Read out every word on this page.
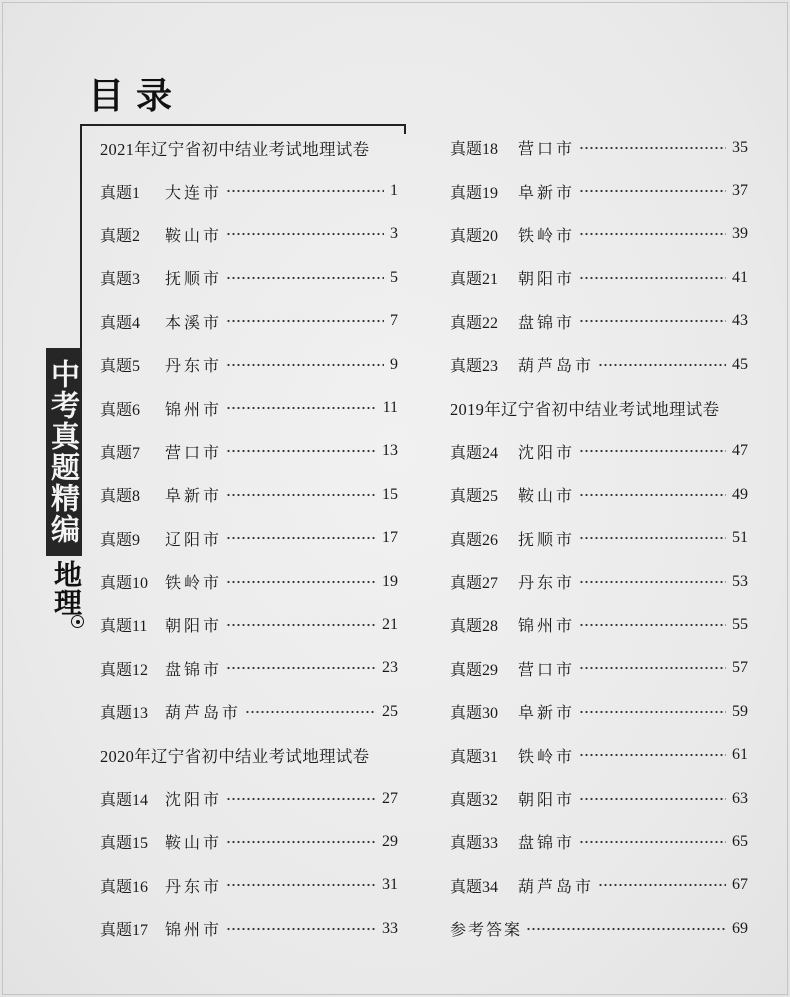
目录
中考真题精编
地理
2021年辽宁省初中结业考试地理试卷
真题1	大连市	1
真题2	鞍山市	3
真题3	抚顺市	5
真题4	本溪市	7
真题5	丹东市	9
真题6	锦州市	11
真题7	营口市	13
真题8	阜新市	15
真题9	辽阳市	17
真题10	铁岭市	19
真题11	朝阳市	21
真题12	盘锦市	23
真题13	葫芦岛市	25
2020年辽宁省初中结业考试地理试卷
真题14	沈阳市	27
真题15	鞍山市	29
真题16	丹东市	31
真题17	锦州市	33
真题18	营口市	35
真题19	阜新市	37
真题20	铁岭市	39
真题21	朝阳市	41
真题22	盘锦市	43
真题23	葫芦岛市	45
2019年辽宁省初中结业考试地理试卷
真题24	沈阳市	47
真题25	鞍山市	49
真题26	抚顺市	51
真题27	丹东市	53
真题28	锦州市	55
真题29	营口市	57
真题30	阜新市	59
真题31	铁岭市	61
真题32	朝阳市	63
真题33	盘锦市	65
真题34	葫芦岛市	67
参考答案	69
